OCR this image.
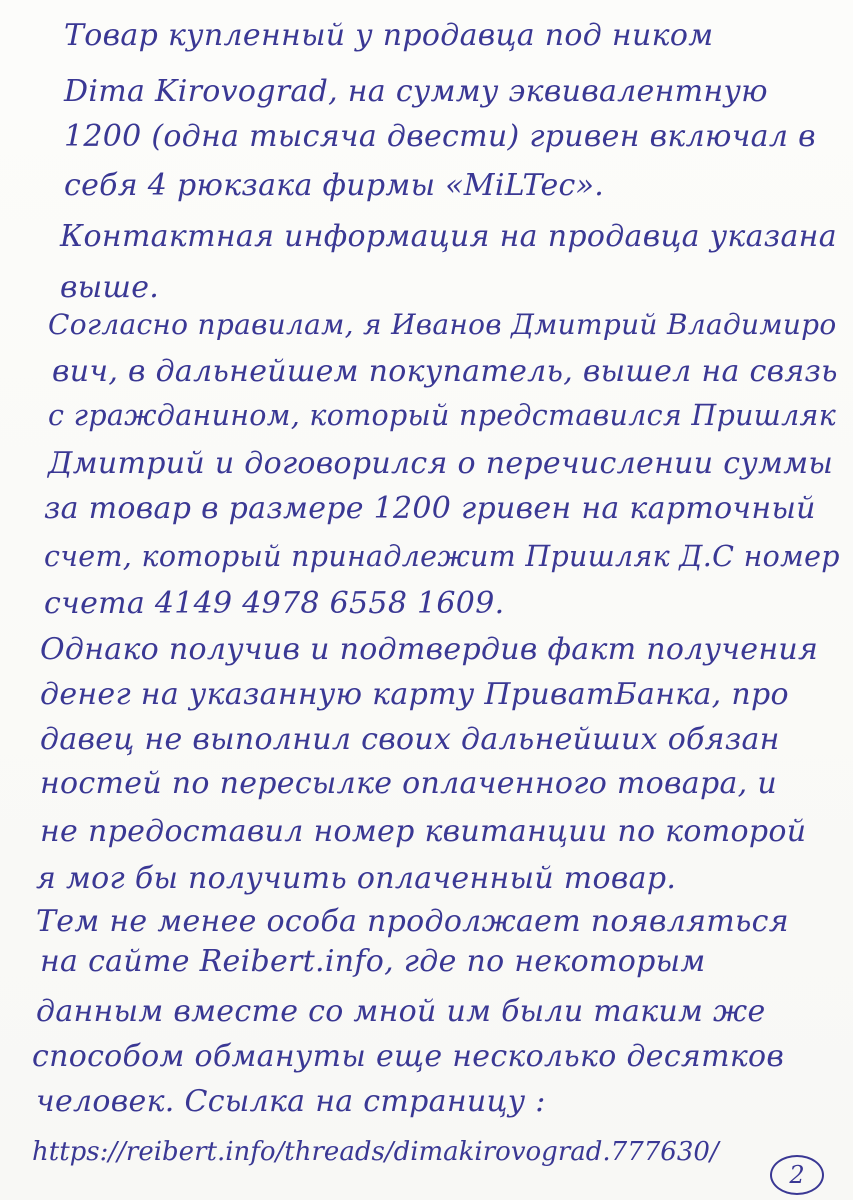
Товар купленный у продавца под ником

Dima Kirovograd, на сумму эквивалентную

1200 (одна тысяча двести) гривен включал в

себя 4 рюкзака фирмы «MiLTec».

Контактная информация на продавца указана

выше.

Согласно правилам, я Иванов Дмитрий Владимиро

вич, в дальнейшем покупатель, вышел на связь

с гражданином, который представился Пришляк

Дмитрий и договорился о перечислении суммы

за товар в размере 1200 гривен на карточный

счет, который принадлежит Пришляк Д.С номер

счета 4149 4978 6558 1609.

Однако получив и подтвердив факт получения

денег на указанную карту ПриватБанка, про

давец не выполнил своих дальнейших обязан

ностей по пересылке оплаченного товара, и

не предоставил номер квитанции по которой

я мог бы получить оплаченный товар.

Тем не менее особа продолжает появляться

на сайте Reibert.info, где по некоторым

данным вместе со мной им были таким же

способом обмануты еще несколько десятков

человек. Ссылка на страницу :

https://reibert.info/threads/dimakirovograd.777630/

2
